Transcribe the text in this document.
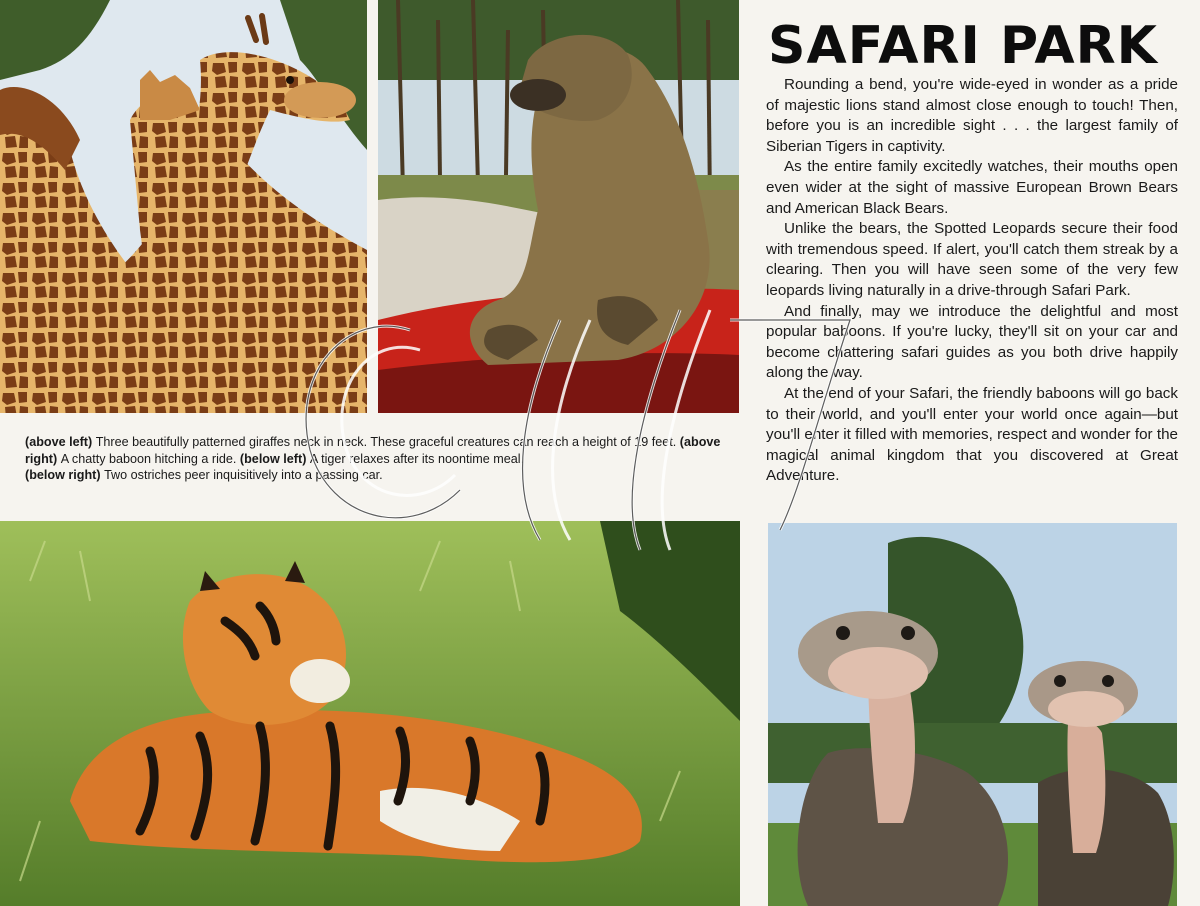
SAFARI PARK

Rounding a bend, you're wide-eyed in wonder as a pride of majestic lions stand almost close enough to touch! Then, before you is an incredible sight . . . the largest family of Siberian Tigers in captivity.

As the entire family excitedly watches, their mouths open even wider at the sight of massive European Brown Bears and American Black Bears.

Unlike the bears, the Spotted Leopards secure their food with tremendous speed. If alert, you'll catch them streak by a clearing. Then you will have seen some of the very few leopards living naturally in a drive-through Safari Park.

And finally, may we introduce the delightful and most popular baboons. If you're lucky, they'll sit on your car and become chattering safari guides as you both drive happily along the way.

At the end of your Safari, the friendly baboons will go back to their world, and you'll enter your world once again—but you'll enter it filled with memories, respect and wonder for the magical animal kingdom that you discovered at Great Adventure.

(above left) Three beautifully patterned giraffes neck in neck. These graceful creatures can reach a height of 19 feet. (above right) A chatty baboon hitching a ride. (below left) A tiger relaxes after its noontime meal.
(below right) Two ostriches peer inquisitively into a passing car.
